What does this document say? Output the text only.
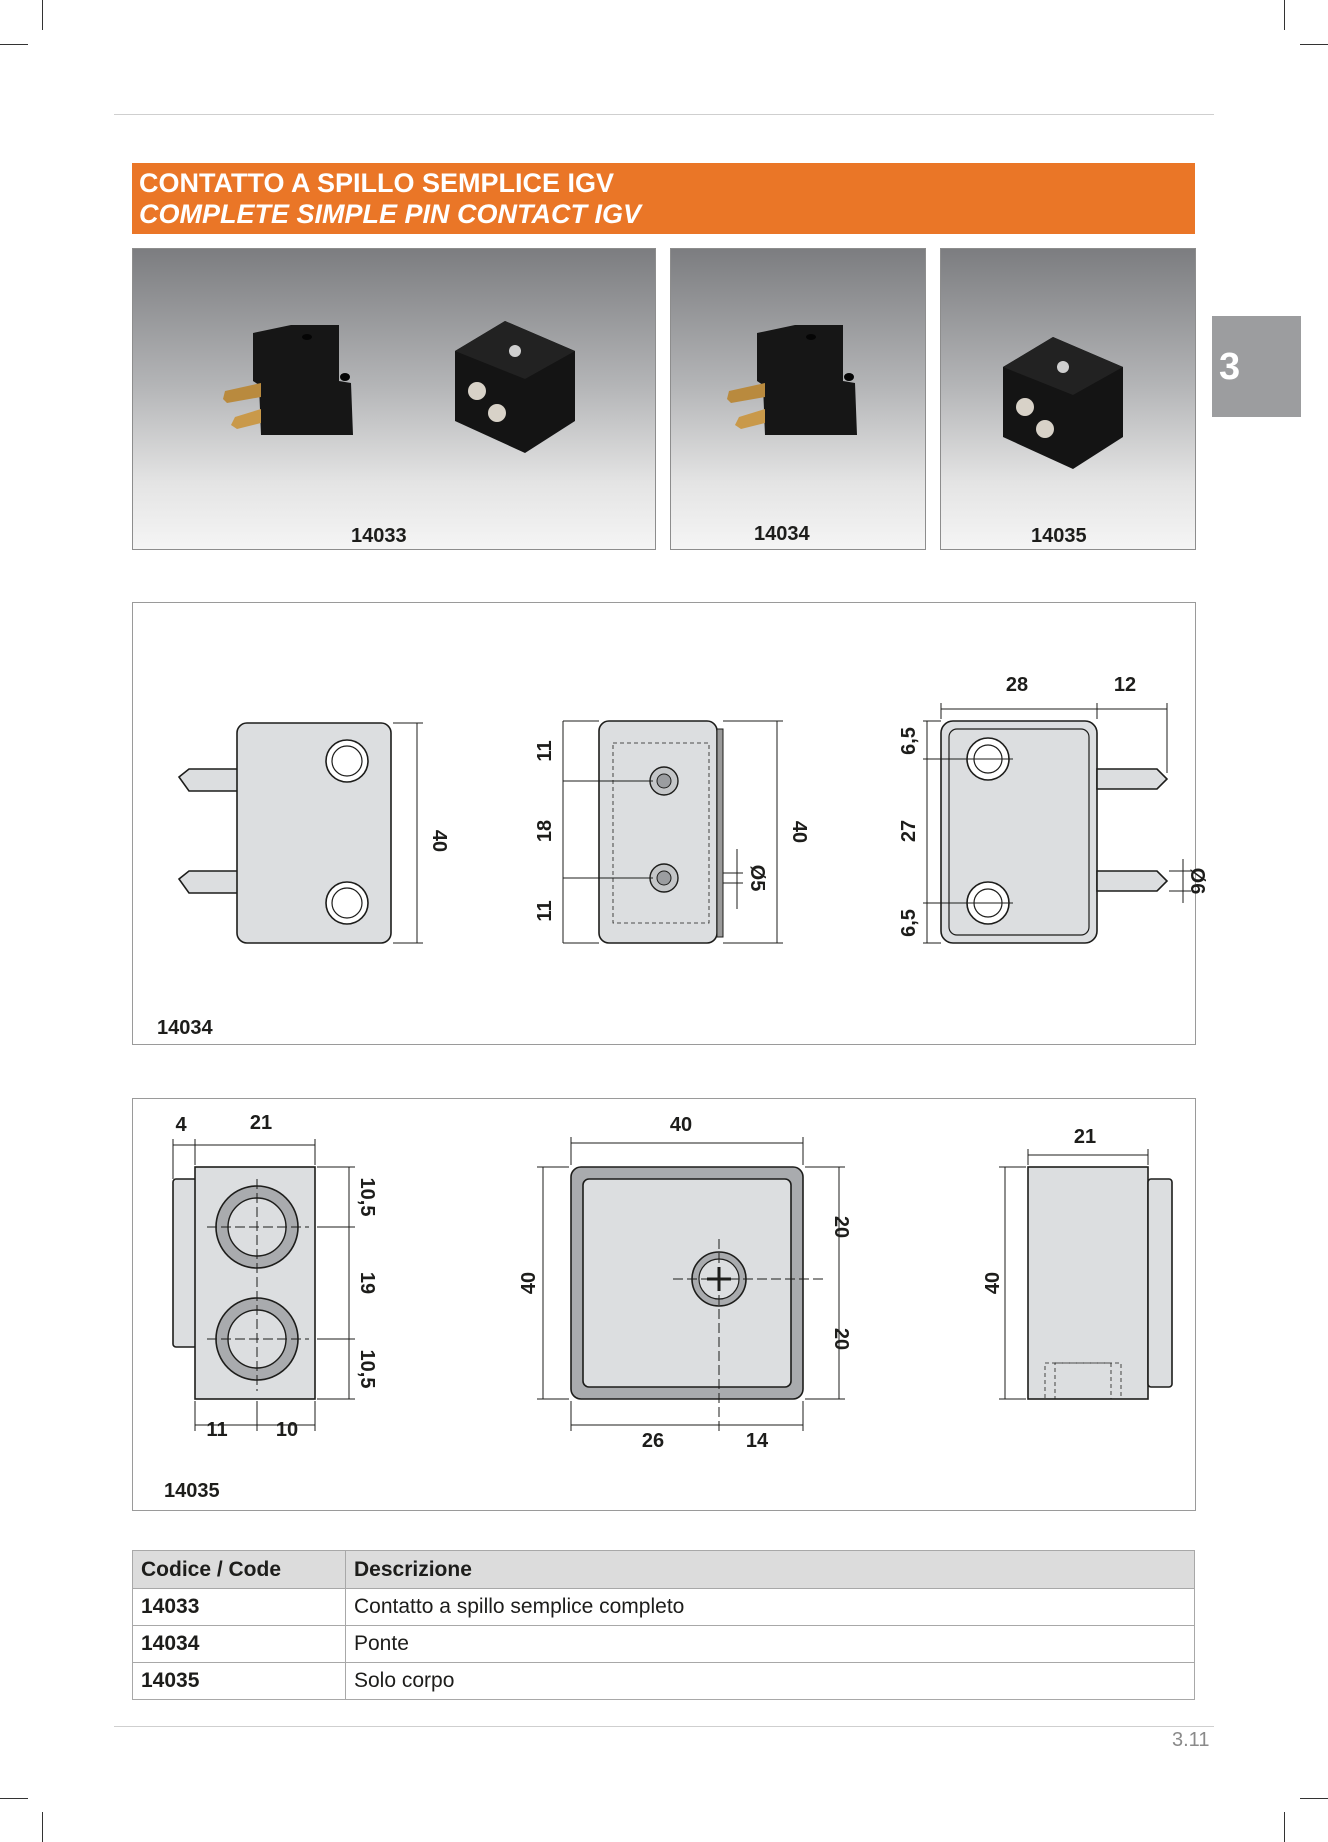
CONTATTO A SPILLO SEMPLICE IGV
COMPLETE SIMPLE PIN CONTACT IGV
3
14033	14034	14035
40
11
18
11
40
Ø5
28	12
6,5
27
6,5
Ø6
14034
4	21
10,5
19
10,5
11 10
40
40
20
20
26	14
21
40
14035
Codice / Code	Descrizione
14033	Contatto a spillo semplice completo
14034	Ponte
14035	Solo corpo
3.11
